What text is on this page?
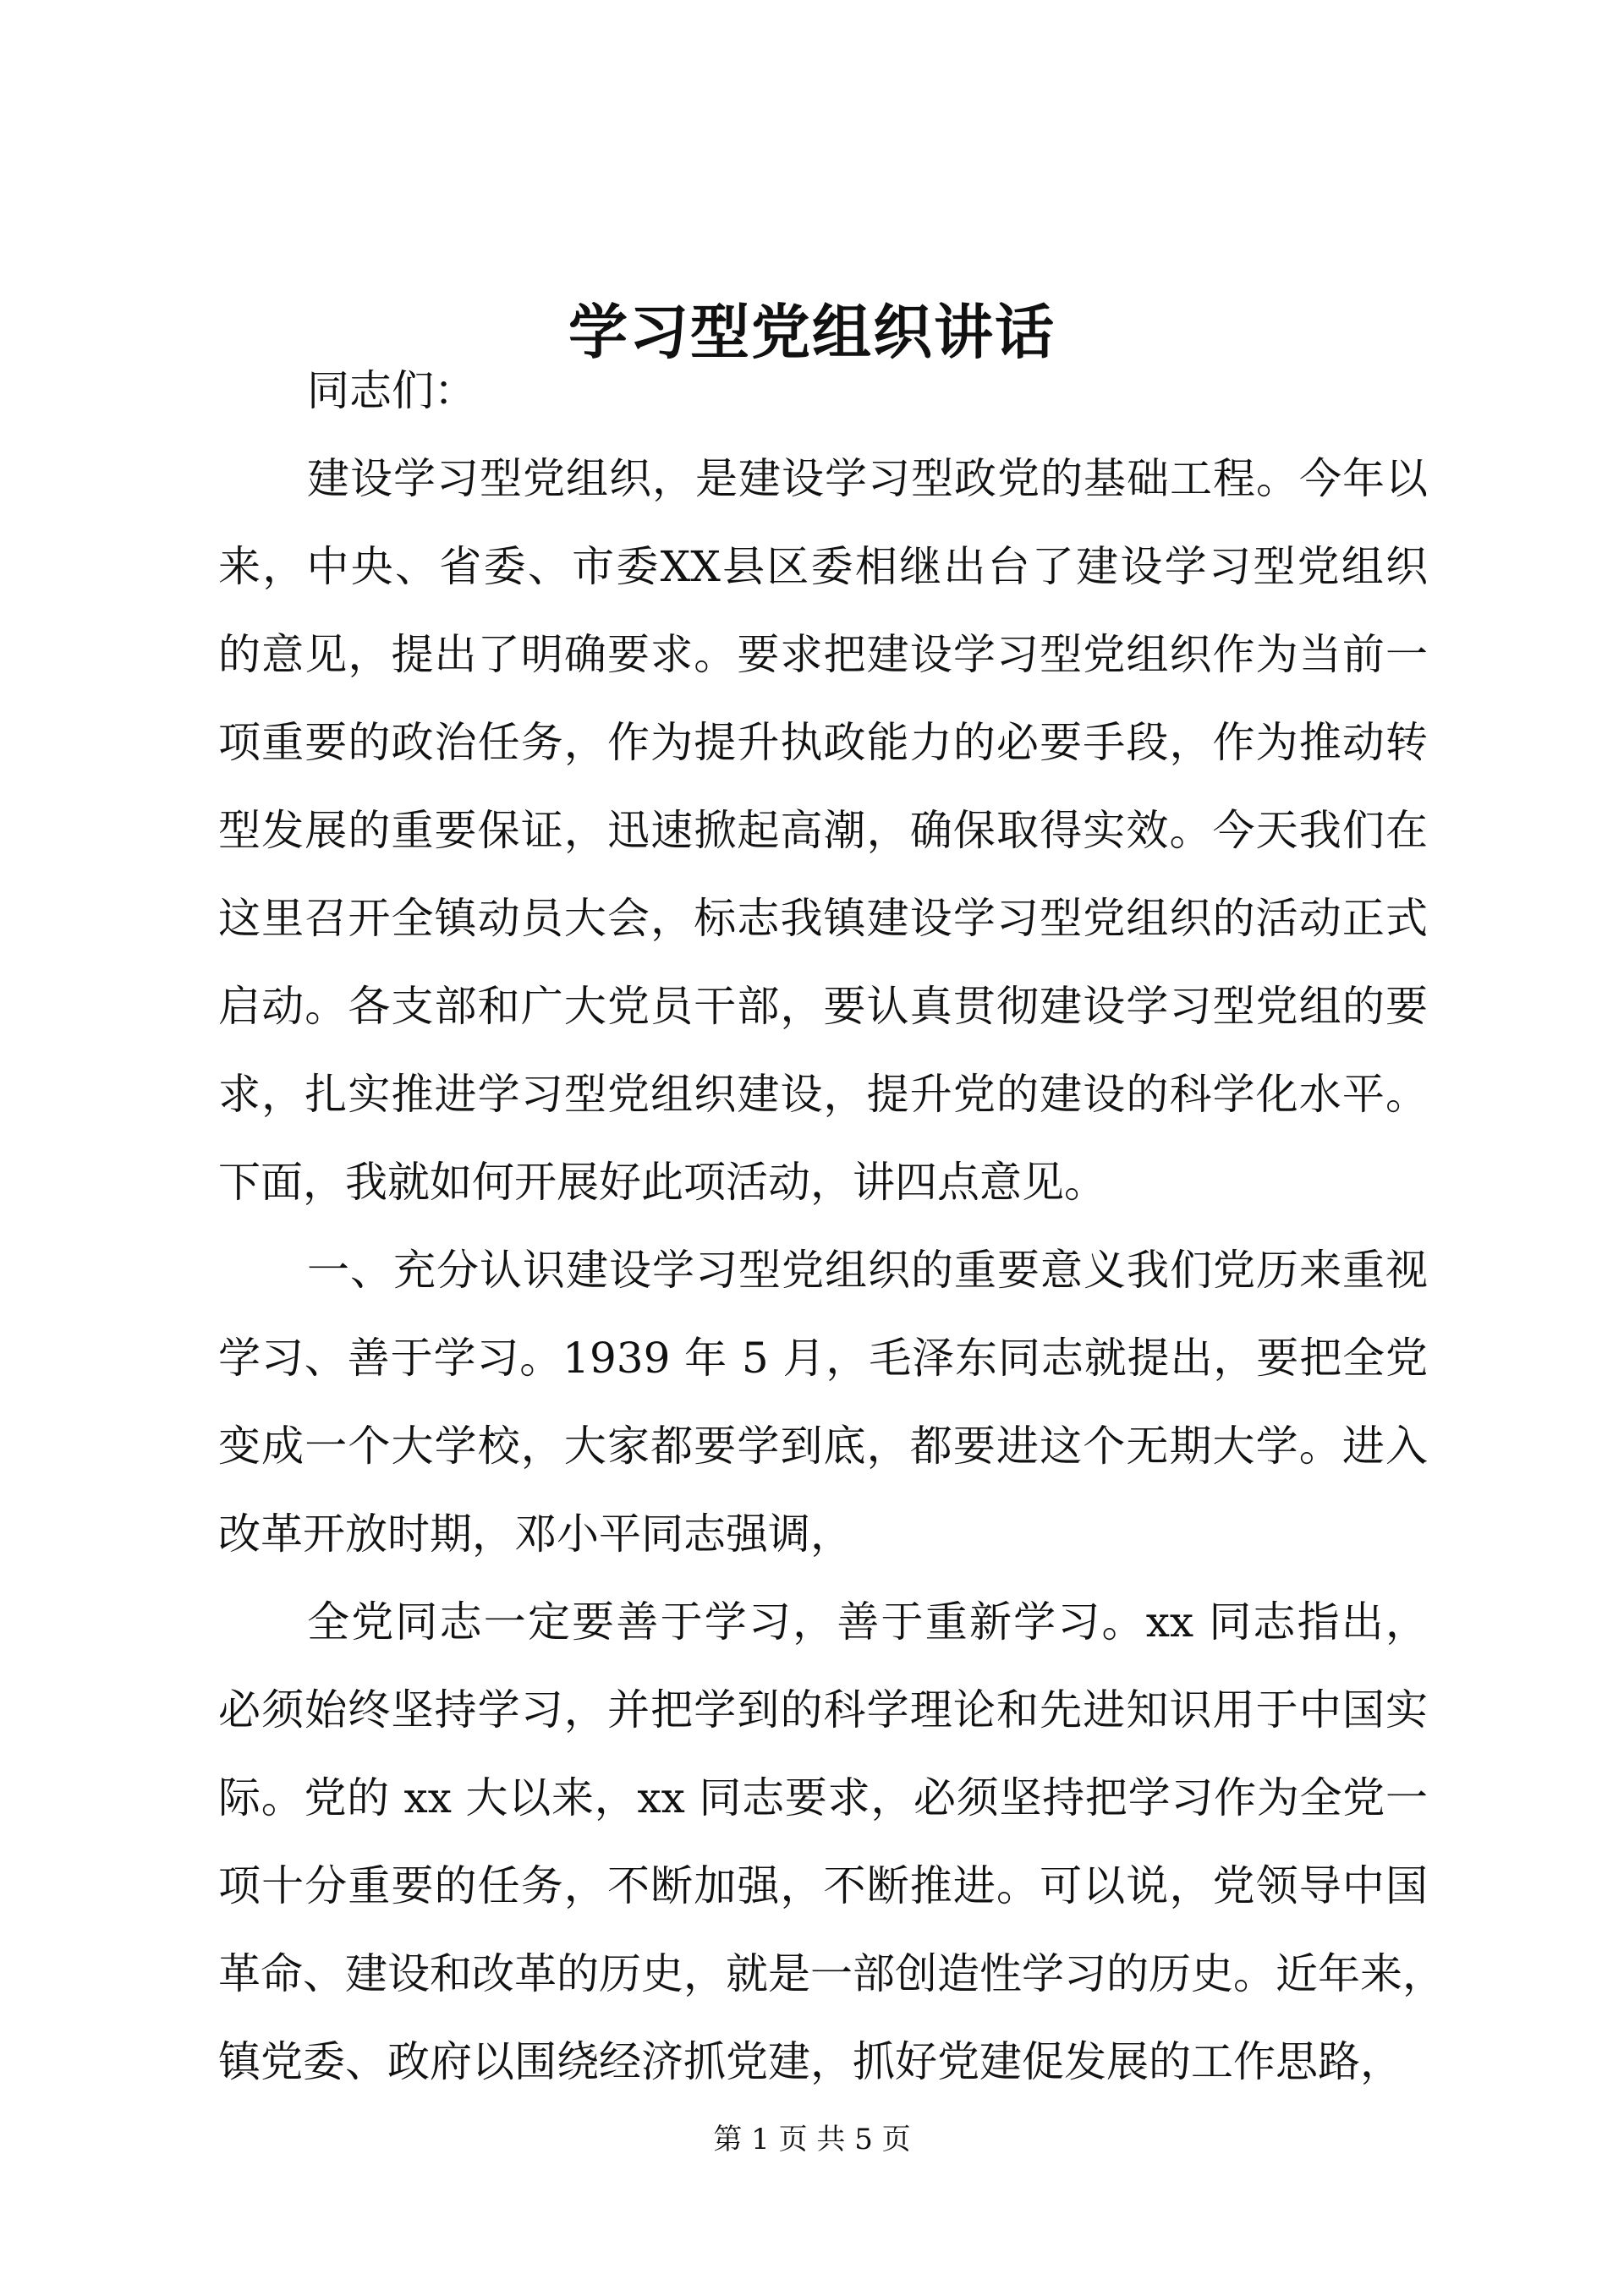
学习型党组织讲话
同志们：
建设学习型党组织，是建设学习型政党的基础工程。今年以
来，中央、省委、市委XX县区委相继出台了建设学习型党组织
的意见，提出了明确要求。要求把建设学习型党组织作为当前一
项重要的政治任务，作为提升执政能力的必要手段，作为推动转
型发展的重要保证，迅速掀起高潮，确保取得实效。今天我们在
这里召开全镇动员大会，标志我镇建设学习型党组织的活动正式
启动。各支部和广大党员干部，要认真贯彻建设学习型党组的要
求，扎实推进学习型党组织建设，提升党的建设的科学化水平。
下面，我就如何开展好此项活动，讲四点意见。
一、充分认识建设学习型党组织的重要意义我们党历来重视
学习、善于学习。1939 年 5 月，毛泽东同志就提出，要把全党
变成一个大学校，大家都要学到底，都要进这个无期大学。进入
改革开放时期，邓小平同志强调，
全党同志一定要善于学习，善于重新学习。xx 同志指出，
必须始终坚持学习，并把学到的科学理论和先进知识用于中国实
际。党的 xx 大以来，xx 同志要求，必须坚持把学习作为全党一
项十分重要的任务，不断加强，不断推进。可以说，党领导中国
革命、建设和改革的历史，就是一部创造性学习的历史。近年来，
镇党委、政府以围绕经济抓党建，抓好党建促发展的工作思路，
第 1 页 共 5 页
